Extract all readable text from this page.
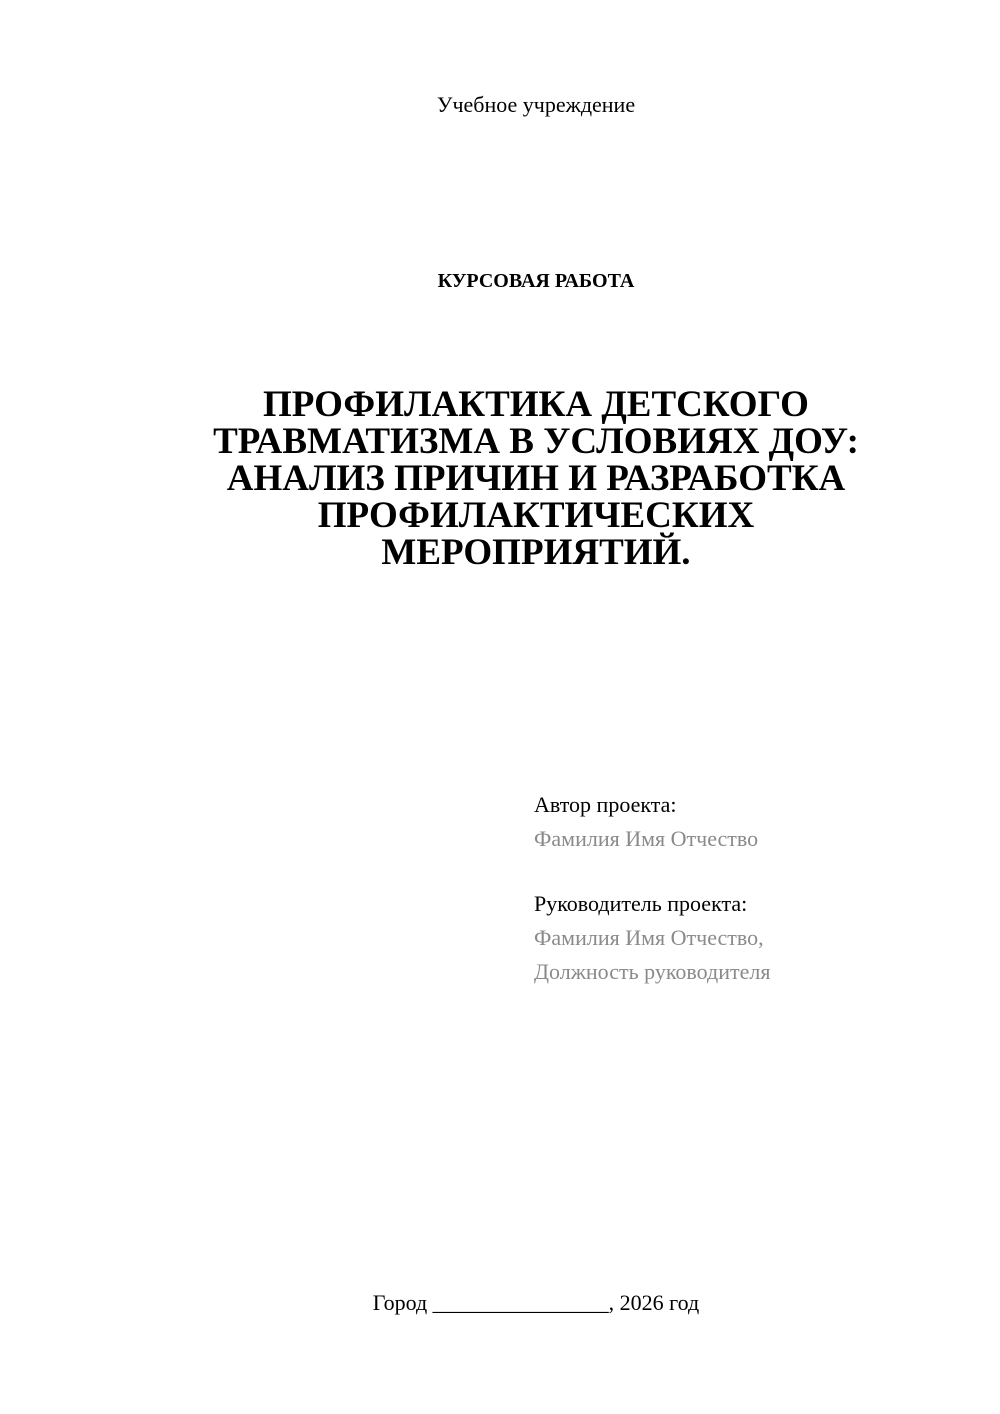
Учебное учреждение
КУРСОВАЯ РАБОТА
ПРОФИЛАКТИКА ДЕТСКОГО
ТРАВМАТИЗМА В УСЛОВИЯХ ДОУ:
АНАЛИЗ ПРИЧИН И РАЗРАБОТКА
ПРОФИЛАКТИЧЕСКИХ
МЕРОПРИЯТИЙ.
Автор проекта:
Фамилия Имя Отчество
Руководитель проекта:
Фамилия Имя Отчество,
Должность руководителя
Город ________________, 2026 год
